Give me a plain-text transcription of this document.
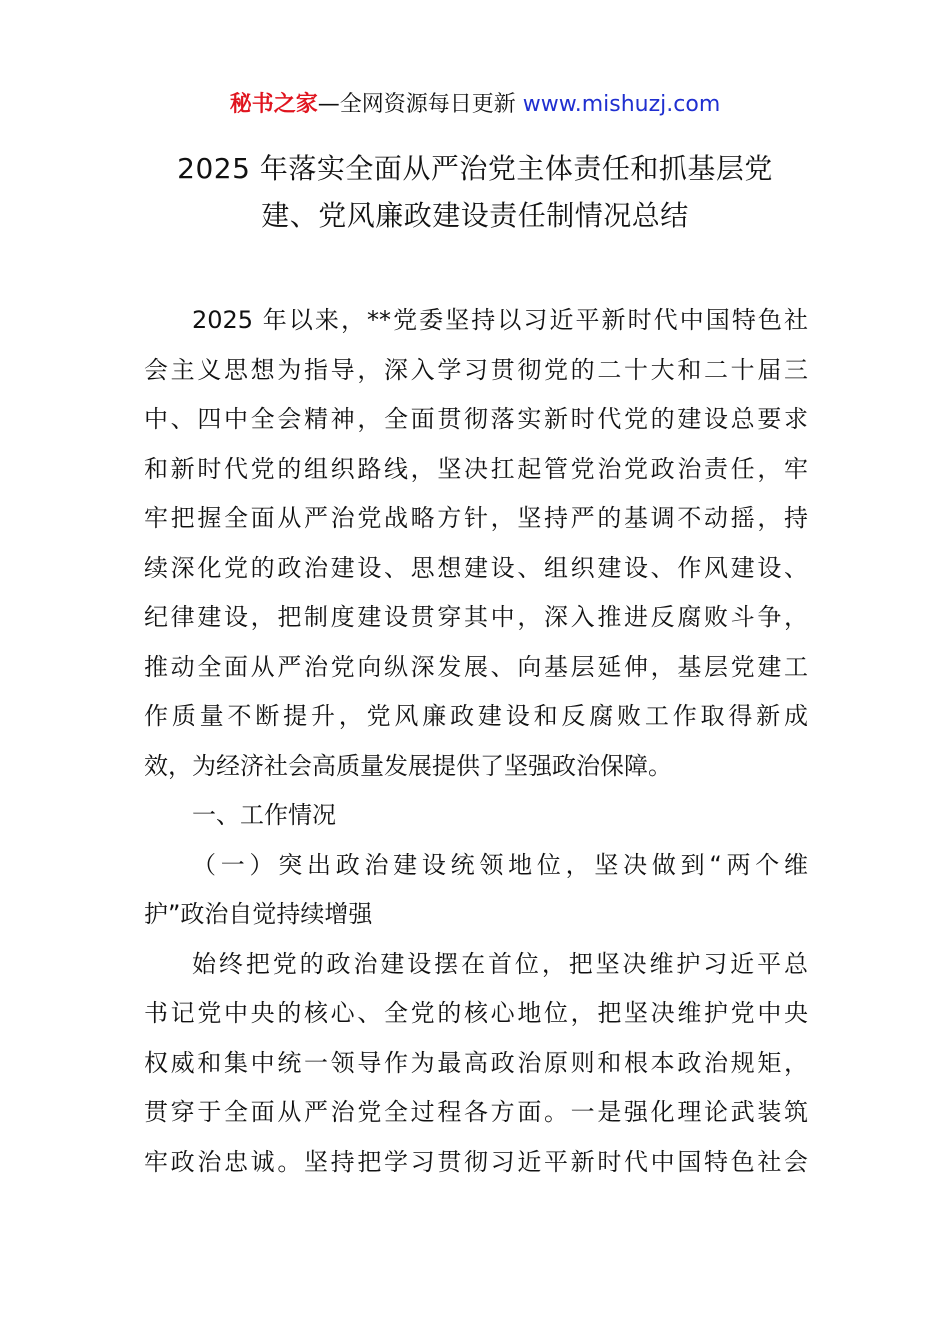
秘书之家—全网资源每日更新 www.mishuzj.com
2025 年落实全面从严治党主体责任和抓基层党
建、党风廉政建设责任制情况总结
2025 年以来，**党委坚持以习近平新时代中国特色社
会主义思想为指导，深入学习贯彻党的二十大和二十届三
中、四中全会精神，全面贯彻落实新时代党的建设总要求
和新时代党的组织路线，坚决扛起管党治党政治责任，牢
牢把握全面从严治党战略方针，坚持严的基调不动摇，持
续深化党的政治建设、思想建设、组织建设、作风建设、
纪律建设，把制度建设贯穿其中，深入推进反腐败斗争，
推动全面从严治党向纵深发展、向基层延伸，基层党建工
作质量不断提升，党风廉政建设和反腐败工作取得新成
效，为经济社会高质量发展提供了坚强政治保障。
一、工作情况
（一）突出政治建设统领地位，坚决做到“两个维
护”政治自觉持续增强
始终把党的政治建设摆在首位，把坚决维护习近平总
书记党中央的核心、全党的核心地位，把坚决维护党中央
权威和集中统一领导作为最高政治原则和根本政治规矩，
贯穿于全面从严治党全过程各方面。一是强化理论武装筑
牢政治忠诚。坚持把学习贯彻习近平新时代中国特色社会
